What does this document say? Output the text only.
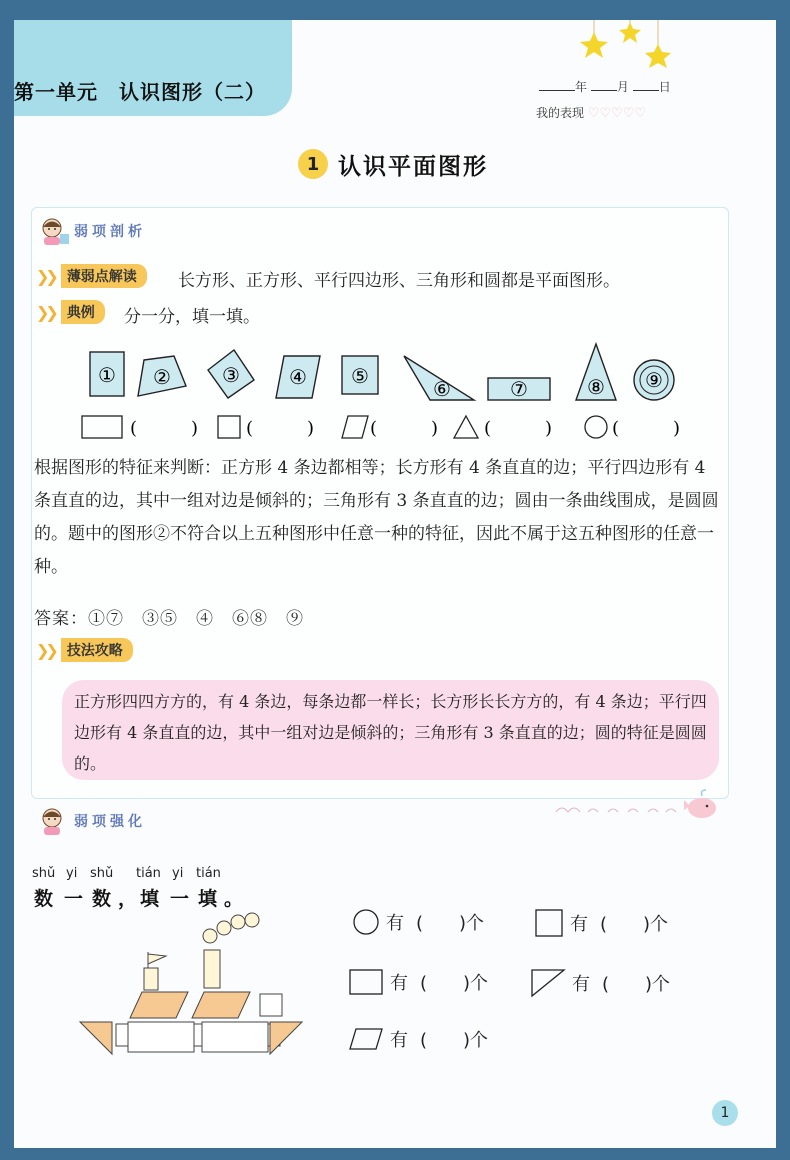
第一单元　认识图形（二）	年 月 日
我的表现 ♡♡♡♡♡
1 认识平面图形
弱项剖析
❯❯ 薄弱点解读	长方形、正方形、平行四边形、三角形和圆都是平面图形。
❯❯ 典例	分一分，填一填。
① ②	③ ④ ⑤
⑥	⑦	⑧ ⑨
(　　　)	(　　　)	(　　　)	(　　　)	(　　　)
根据图形的特征来判断：正方形 4 条边都相等；长方形有 4 条直直的边；平行四边形有 4 条直直的边，其中一组对边是倾斜的；三角形有 3 条直直的边；圆由一条曲线围成，是圆圆的。题中的图形②不符合以上五种图形中任意一种的特征，因此不属于这五种图形的任意一种。
答案：①⑦　③⑤　④　⑥⑧　⑨
❯❯ 技法攻略
正方形四四方方的，有 4 条边，每条边都一样长；长方形长长方方的，有 4 条边；平行四边形有 4 条直直的边，其中一组对边是倾斜的；三角形有 3 条直直的边；圆的特征是圆圆的。
弱项强化
shǔ yi shǔ tián yi tián
数 一 数 ， 填 一 填 。
有 (　　) 个	有 (　　) 个
有 (　　) 个	有 (　　) 个
有 (　　) 个
1
